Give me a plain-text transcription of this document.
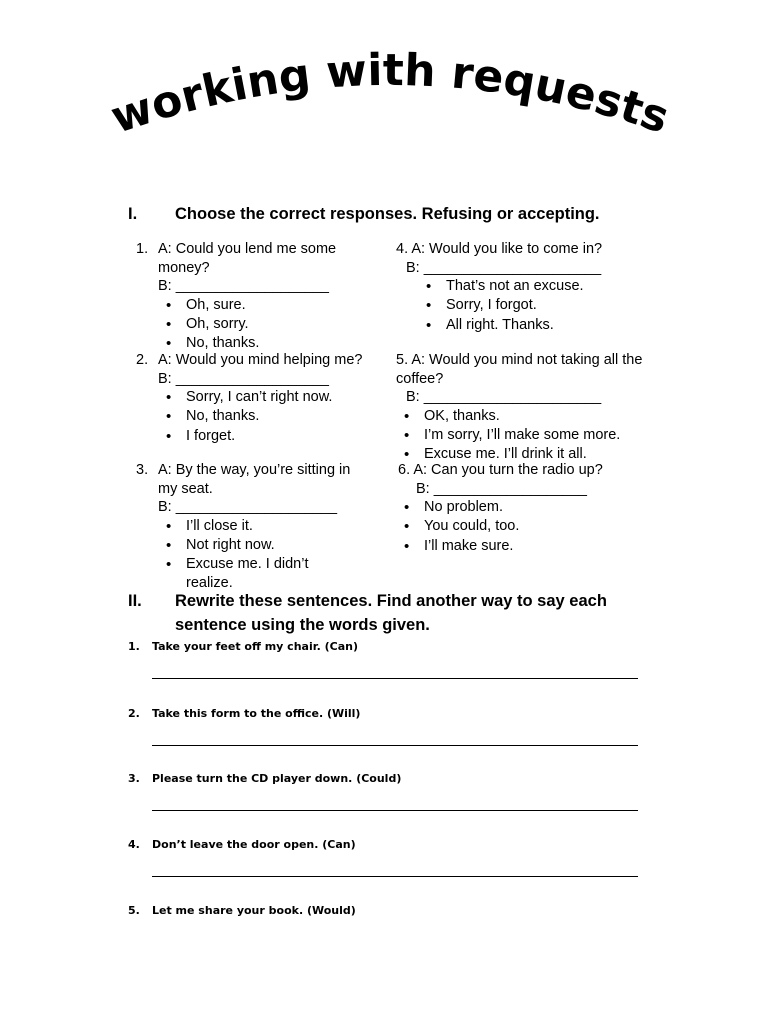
working with requests
I. Choose the correct responses. Refusing or accepting.
1. A: Could you lend me some money?
B: ___________________
• Oh, sure.
• Oh, sorry.
• No, thanks.
2. A: Would you mind helping me?
B: ___________________
• Sorry, I can’t right now.
• No, thanks.
• I forget.
3. A: By the way, you’re sitting in my seat.
B: ____________________
• I’ll close it.
• Not right now.
• Excuse me. I didn’t realize.
4. A: Would you like to come in?
B: ______________________
• That’s not an excuse.
• Sorry, I forgot.
• All right. Thanks.
5. A: Would you mind not taking all the coffee?
B: ______________________
• OK, thanks.
• I’m sorry, I’ll make some more.
• Excuse me. I’ll drink it all.
6. A: Can you turn the radio up?
B: ___________________
• No problem.
• You could, too.
• I’ll make sure.
II. Rewrite these sentences. Find another way to say each
sentence using the words given.
1. Take your feet off my chair. (Can)
2. Take this form to the office. (Will)
3. Please turn the CD player down. (Could)
4. Don’t leave the door open. (Can)
5. Let me share your book. (Would)
